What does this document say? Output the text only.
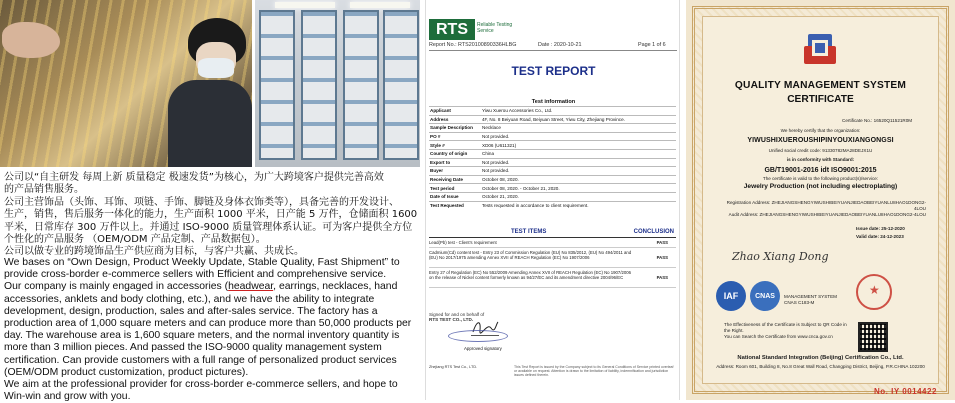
公司以“自主研发 每周上新 质量稳定 极速发货”为核心，为广大跨境客户提供完善高效
的产品销售服务。
公司主营饰品（头饰、耳饰、项链、手饰、脚链及身体衣饰类等），具备完善的开发设计、
生产，销售，售后服务一体化的能力，生产面积 1000 平米，日产能 5 万件，仓储面积 1600
平米，日常库存 300 万件以上。并通过 ISO-9000 质量管理体系认证。可为客户提供全方位
个性化的产品服务 （OEM/ODM 产品定制、产品数据包）。
公司以做专业的跨境饰品生产供应商为目标，与客户共赢、共成长。
We bases on “Own Design, Product Weekly Update, Stable Quality, Fast Shipment” to
provide cross-border e-commerce sellers with Efficient and comprehensive service.
Our company is mainly engaged in accessories (headwear, earrings, necklaces, hand
accessories, anklets and body clothing, etc.), and we have the ability to integrate
development, design, production, sales and after-sales service. The factory has a
production area of 1,000 square meters and can produce more than 50,000 products per
day. The warehouse area is 1,600 square meters, and the normal inventory quantity is
more than 3 million pieces. And passed the ISO-9000 quality management system
certification. Can provide customers with a full range of personalized product services
(OEM/ODM product customization, product pictures).
We aim at the professional provider for cross-border e-commerce sellers, and hope to
Win-win and grow with you.
RTS	Reliable Testing Service
Report No.: RTS20100890336HLBG	Date : 2020-10-21	Page 1 of 6
TEST REPORT
Test information
Applicant	Yiwu Xuerou Accessories Co., Ltd.
Address	4F, No. 8 Beiyuan Road, Beiyuan Street, Yiwu City, Zhejiang Province.
Sample Description	Necklace
PO #	Not provided.
Style #	XD06 (U611321)
Country of origin	China
Export to	Not provided.
Buyer	Not provided.
Receiving Date	October 08, 2020.
Test period	October 08, 2020. - October 21, 2020.
Date of Issue	October 21, 2020.
Test Requested	Tests requested in accordance to client requirement.
TEST ITEMS	CONCLUSION
Lead(Pb) test - Client's requirement	PASS
Cadmium(Cd) content test - Entry 23 of Commission Regulation (EU) No 835/2012, (EU) No 494/2011 and (EU) No 2017/1975 amending Annex XVII of REACH Regulation (EC) No 1907/2006	PASS
Entry 27 of Regulation (EC) No 552/2009 Amending Annex XVII of REACH Regulation (EC) No 1907/2006 on the release of Nickel content formerly known as 94/27/EC and its amendment directive 2004/96/EC	PASS
Signed for and on behalf of
RTS TEST CO., LTD.
Approved signatory
Zhejiang RTS Test Co., LTD.	This Test Report is issued by the Company subject to its General Conditions of Service printed overleaf or available on request. Attention is drawn to the limitation of liability, indemnification and jurisdiction issues defined therein.
QUALITY MANAGEMENT SYSTEM
CERTIFICATE
Certificate No.: 16520Q11521R0M
We hereby certify that the organization:
YIWUSHIXUEROUSHIPINYOUXIANGONGSI
Unified social credit code: 91330782MA28DEJX1U
is in conformity with Standard:
GB/T19001-2016 idt ISO9001:2015
The certificate is valid to the following product(s)/service:
Jewelry Production (not including electroplating)
Registration Address: ZHEJIANGSHENGYIWUSHIBEIYUANJIEDAOBEIYUANLU8HAO1DONG2-4LOU
Audit Address: ZHEJIANGSHENGYIWUSHIBEIYUANJIEDAOBEIYUANLU8HAO1DONG2-4LOU
Issue date: 25-12-2020
Valid date: 24-12-2023
Zhao Xiang Dong
IAF	CNAS	MANAGEMENT SYSTEM CNAS C183-M
★
The Effectiveness of the Certificate is Subject to QR Code in the Right.
You can Search the Certificate from www.cnca.gov.cn
National Standard Integration (Beijing) Certification Co., Ltd.
Address: Room 601, Building 8, No.8 Great Wall Road, Changping District, Beijing, P.R.CHINA 102200
No. IY 0014422
